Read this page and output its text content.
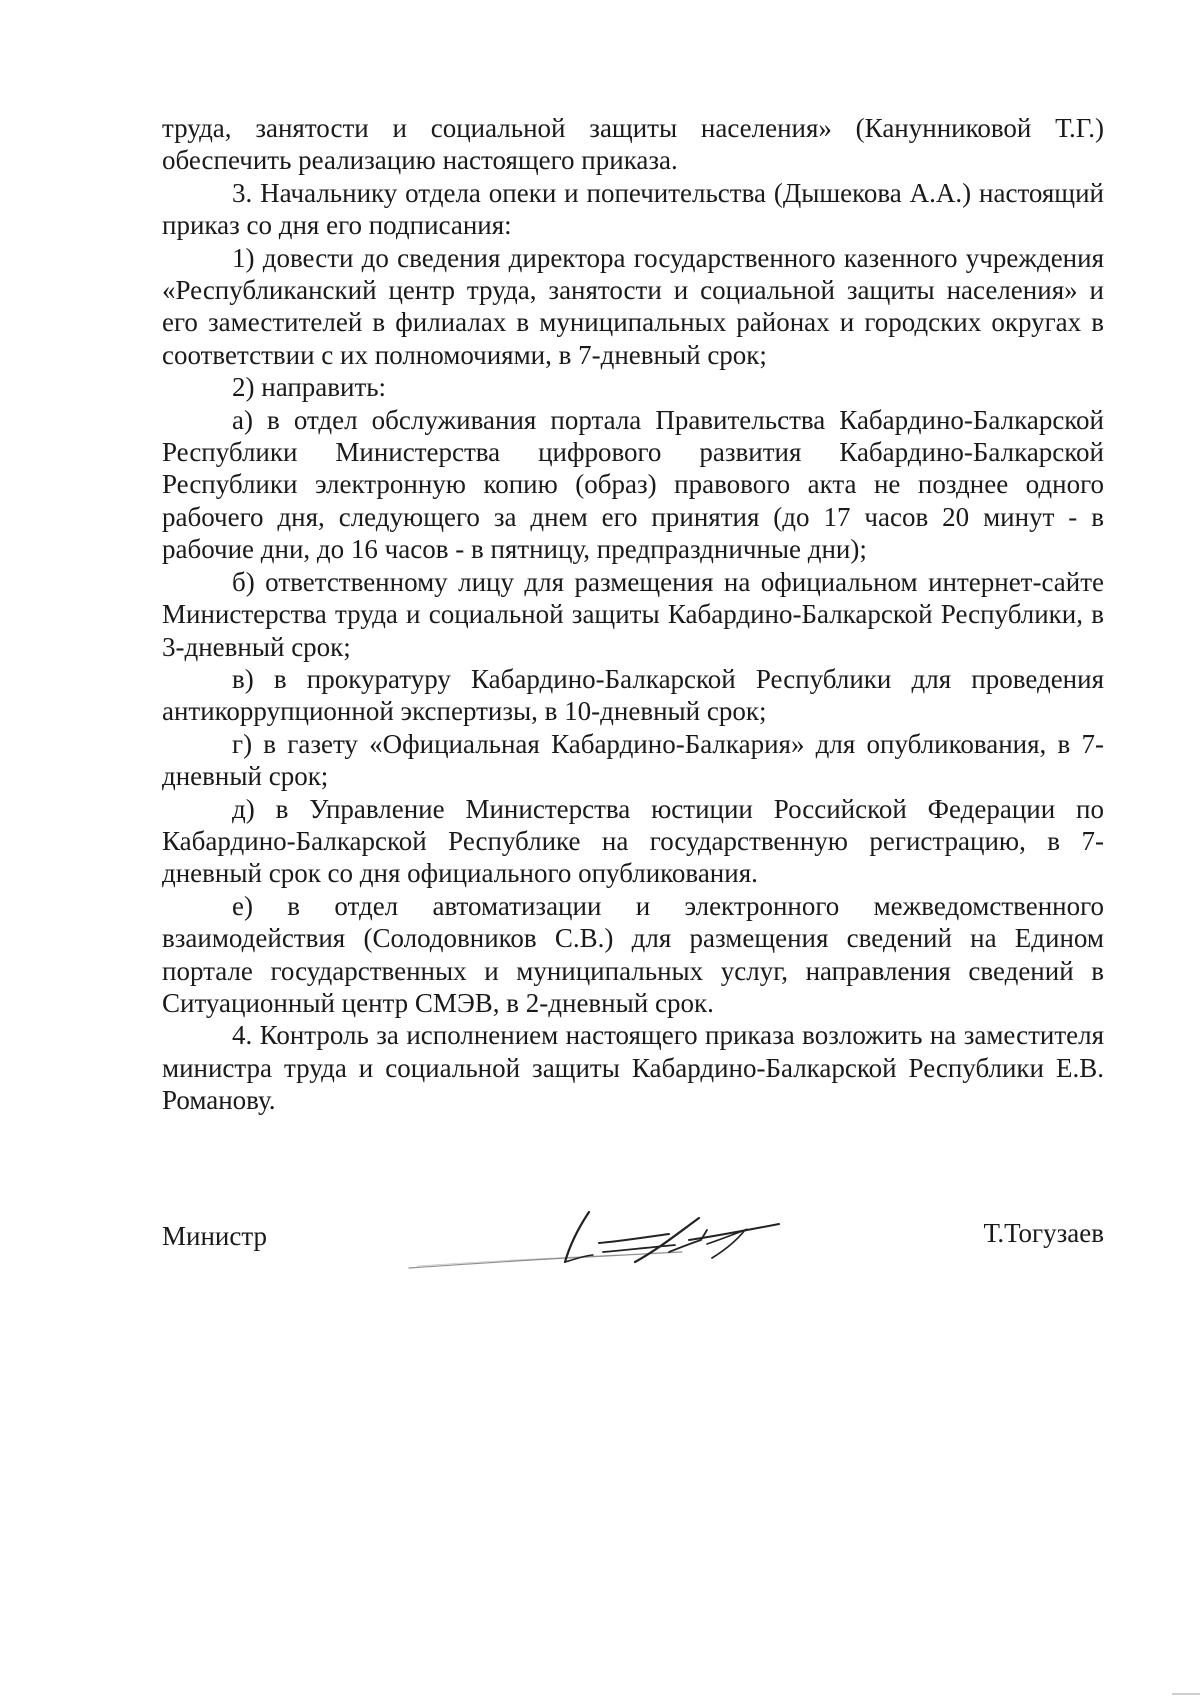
труда, занятости и социальной защиты населения» (Канунниковой Т.Г.) обеспечить реализацию настоящего приказа.

3. Начальнику отдела опеки и попечительства (Дышекова А.А.) настоящий приказ со дня его подписания:

1) довести до сведения директора государственного казенного учреждения «Республиканский центр труда, занятости и социальной защиты населения» и его заместителей в филиалах в муниципальных районах и городских округах в соответствии с их полномочиями, в 7-дневный срок;

2) направить:

а) в отдел обслуживания портала Правительства Кабардино-Балкарской Республики Министерства цифрового развития Кабардино-Балкарской Республики электронную копию (образ) правового акта не позднее одного рабочего дня, следующего за днем его принятия (до 17 часов 20 минут - в рабочие дни, до 16 часов - в пятницу, предпраздничные дни);

б) ответственному лицу для размещения на официальном интернет-сайте Министерства труда и социальной защиты Кабардино-Балкарской Республики, в 3-дневный срок;

в) в прокуратуру Кабардино-Балкарской Республики для проведения антикоррупционной экспертизы, в 10-дневный срок;

г) в газету «Официальная Кабардино-Балкария» для опубликования, в 7-дневный срок;

д) в Управление Министерства юстиции Российской Федерации по Кабардино-Балкарской Республике на государственную регистрацию, в 7-дневный срок со дня официального опубликования.

е) в отдел автоматизации и электронного межведомственного взаимодействия (Солодовников С.В.) для размещения сведений на Едином портале государственных и муниципальных услуг, направления сведений в Ситуационный центр СМЭВ, в 2-дневный срок.

4. Контроль за исполнением настоящего приказа возложить на заместителя министра труда и социальной защиты Кабардино-Балкарской Республики Е.В. Романову.

Министр	Т.Тогузаев
